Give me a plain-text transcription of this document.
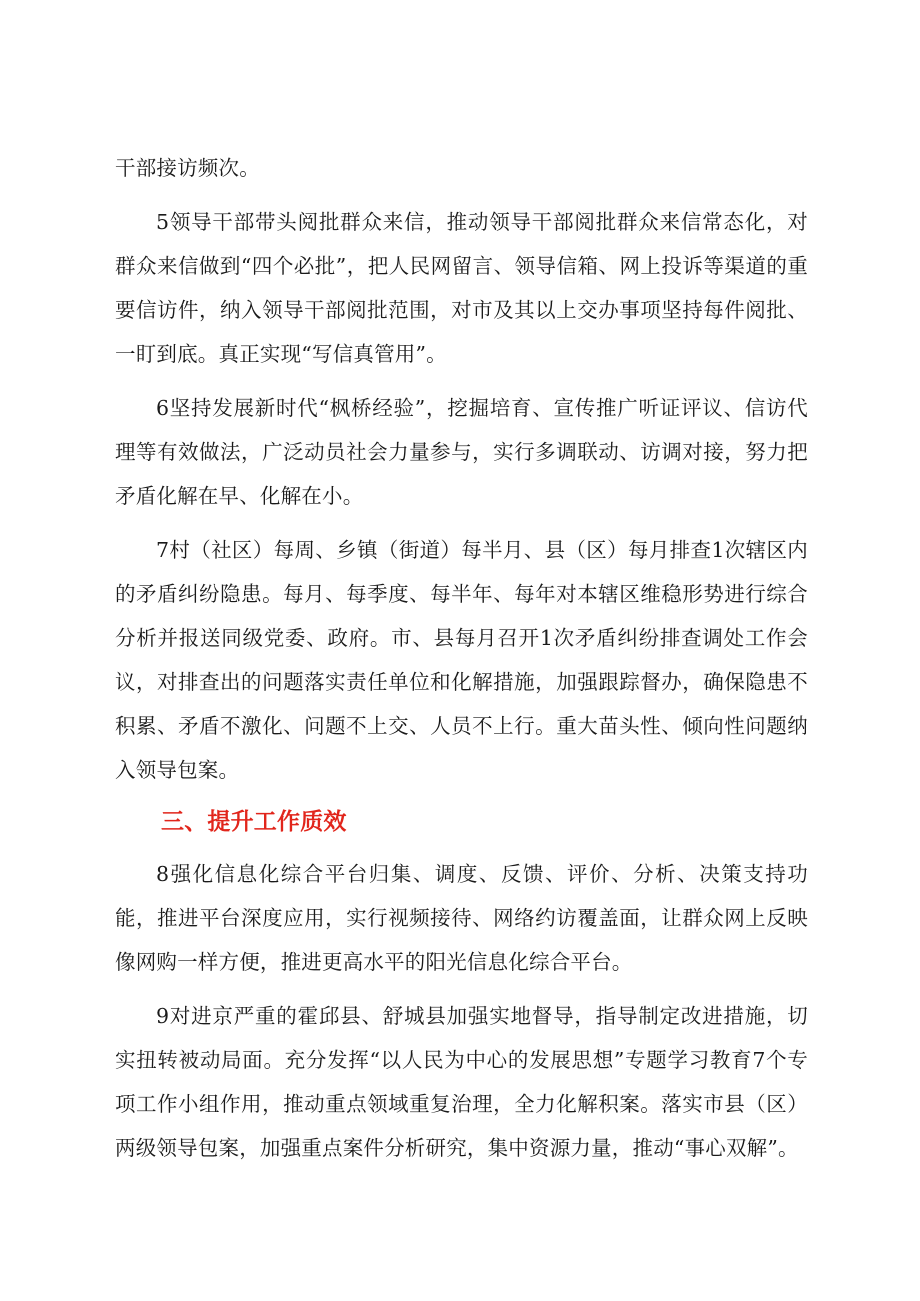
干部接访频次。

5领导干部带头阅批群众来信，推动领导干部阅批群众来信常态化，对群众来信做到“四个必批”，把人民网留言、领导信箱、网上投诉等渠道的重要信访件，纳入领导干部阅批范围，对市及其以上交办事项坚持每件阅批、一盯到底。真正实现“写信真管用”。

6坚持发展新时代“枫桥经验”，挖掘培育、宣传推广听证评议、信访代理等有效做法，广泛动员社会力量参与，实行多调联动、访调对接，努力把矛盾化解在早、化解在小。

7村（社区）每周、乡镇（街道）每半月、县（区）每月排查1次辖区内的矛盾纠纷隐患。每月、每季度、每半年、每年对本辖区维稳形势进行综合分析并报送同级党委、政府。市、县每月召开1次矛盾纠纷排查调处工作会议，对排查出的问题落实责任单位和化解措施，加强跟踪督办，确保隐患不积累、矛盾不激化、问题不上交、人员不上行。重大苗头性、倾向性问题纳入领导包案。

三、提升工作质效

8强化信息化综合平台归集、调度、反馈、评价、分析、决策支持功能，推进平台深度应用，实行视频接待、网络约访覆盖面，让群众网上反映像网购一样方便，推进更高水平的阳光信息化综合平台。

9对进京严重的霍邱县、舒城县加强实地督导，指导制定改进措施，切实扭转被动局面。充分发挥“以人民为中心的发展思想”专题学习教育7个专项工作小组作用，推动重点领域重复治理，全力化解积案。落实市县（区）两级领导包案，加强重点案件分析研究，集中资源力量，推动“事心双解”。
